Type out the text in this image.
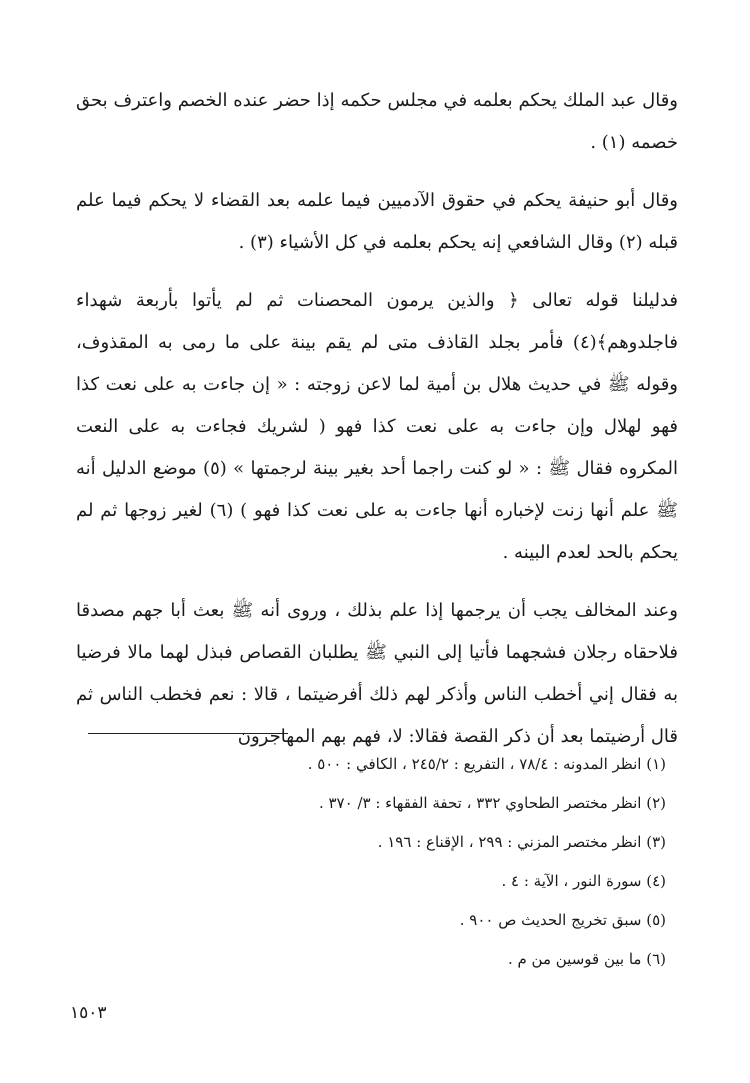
وقال عبد الملك يحكم بعلمه في مجلس حكمه إذا حضر عنده الخصم واعترف بحق خصمه (١) .

وقال أبو حنيفة يحكم في حقوق الآدميين فيما علمه بعد القضاء لا يحكم فيما علم قبله (٢) وقال الشافعي إنه يحكم بعلمه في كل الأشياء (٣) .

فدليلنا قوله تعالى ﴿ والذين يرمون المحصنات ثم لم يأتوا بأربعة شهداء فاجلدوهم﴾(٤) فأمر بجلد القاذف متى لم يقم بينة على ما رمى به المقذوف، وقوله ﷺ في حديث هلال بن أمية لما لاعن زوجته : « إن جاءت به على نعت كذا فهو لهلال وإن جاءت به على نعت كذا فهو ( لشريك فجاءت به على النعت المكروه فقال ﷺ : « لو كنت راجما أحد بغير بينة لرجمتها » (٥) موضع الدليل أنه ﷺ علم أنها زنت لإخباره أنها جاءت به على نعت كذا فهو ) (٦) لغير زوجها ثم لم يحكم بالحد لعدم البينه .

وعند المخالف يجب أن يرجمها إذا علم بذلك ، وروى أنه ﷺ بعث أبا جهم مصدقا فلاحقاه رجلان فشجهما فأتيا إلى النبي ﷺ يطلبان القصاص فبذل لهما مالا فرضيا به فقال إني أخطب الناس وأذكر لهم ذلك أفرضيتما ، قالا : نعم فخطب الناس ثم قال أرضيتما بعد أن ذكر القصة فقالا: لا، فهم بهم المهاجرون

(١) انظر المدونه : ٧٨/٤ ، التفريع : ٢٤٥/٢ ، الكافي : ٥٠٠ .

(٢) انظر مختصر الطحاوي ٣٣٢ ، تحفة الفقهاء : ٣/ ٣٧٠ .

(٣) انظر مختصر المزني : ٢٩٩ ، الإقناع : ١٩٦ .

(٤) سورة النور ، الآية : ٤ .

(٥) سبق تخريج الحديث ص ٩٠٠ .

(٦) ما بين قوسين من م .

١٥٠٣
